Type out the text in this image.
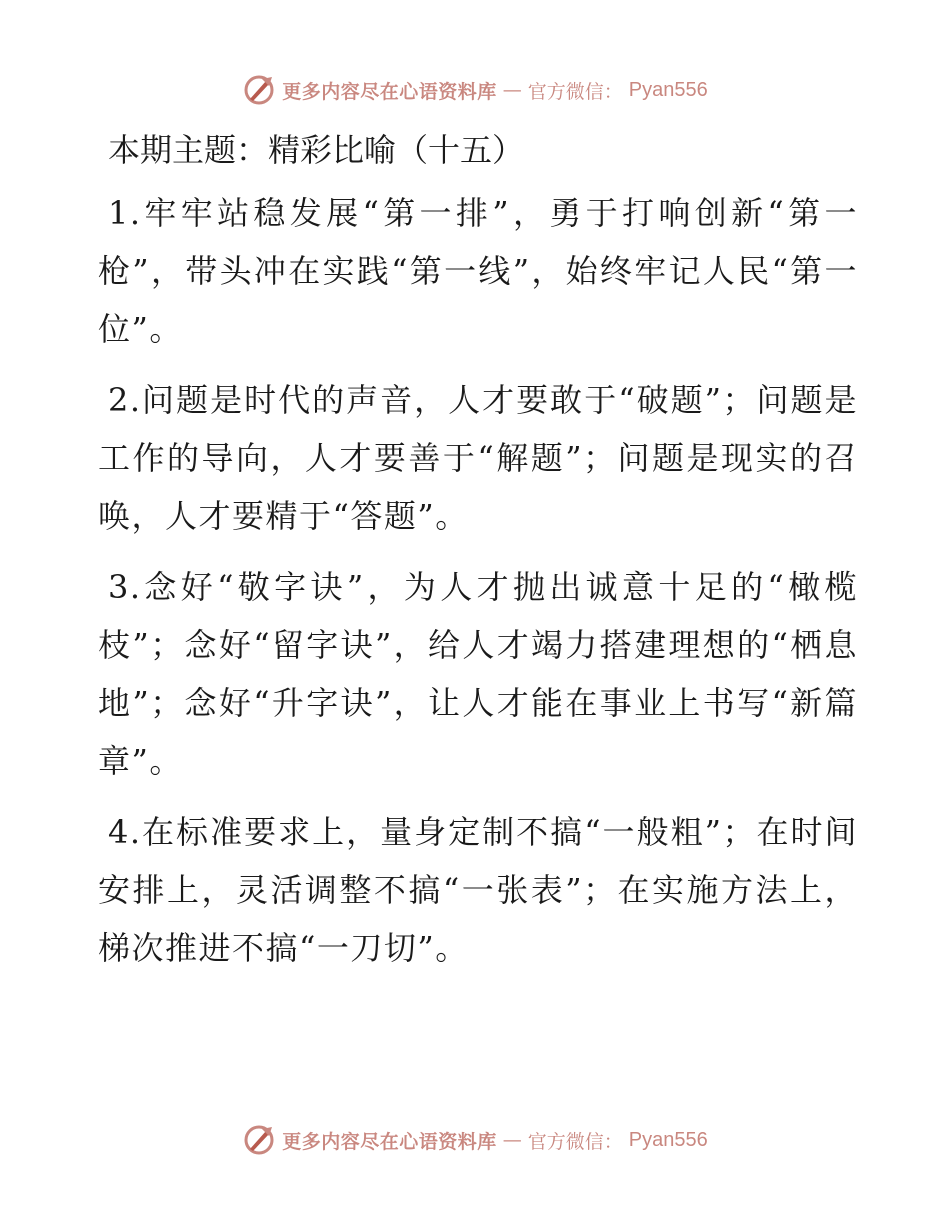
更多内容尽在心语资料库 — 官方微信： Pyan556
本期主题：精彩比喻（十五）

1.牢牢站稳发展“第一排”，勇于打响创新“第一枪”，带头冲在实践“第一线”，始终牢记人民“第一位”。

2.问题是时代的声音，人才要敢于“破题”；问题是工作的导向，人才要善于“解题”；问题是现实的召唤，人才要精于“答题”。

3.念好“敬字诀”，为人才抛出诚意十足的“橄榄枝”；念好“留字诀”，给人才竭力搭建理想的“栖息地”；念好“升字诀”，让人才能在事业上书写“新篇章”。

4.在标准要求上，量身定制不搞“一般粗”；在时间安排上，灵活调整不搞“一张表”；在实施方法上，梯次推进不搞“一刀切”。

更多内容尽在心语资料库 — 官方微信： Pyan556
